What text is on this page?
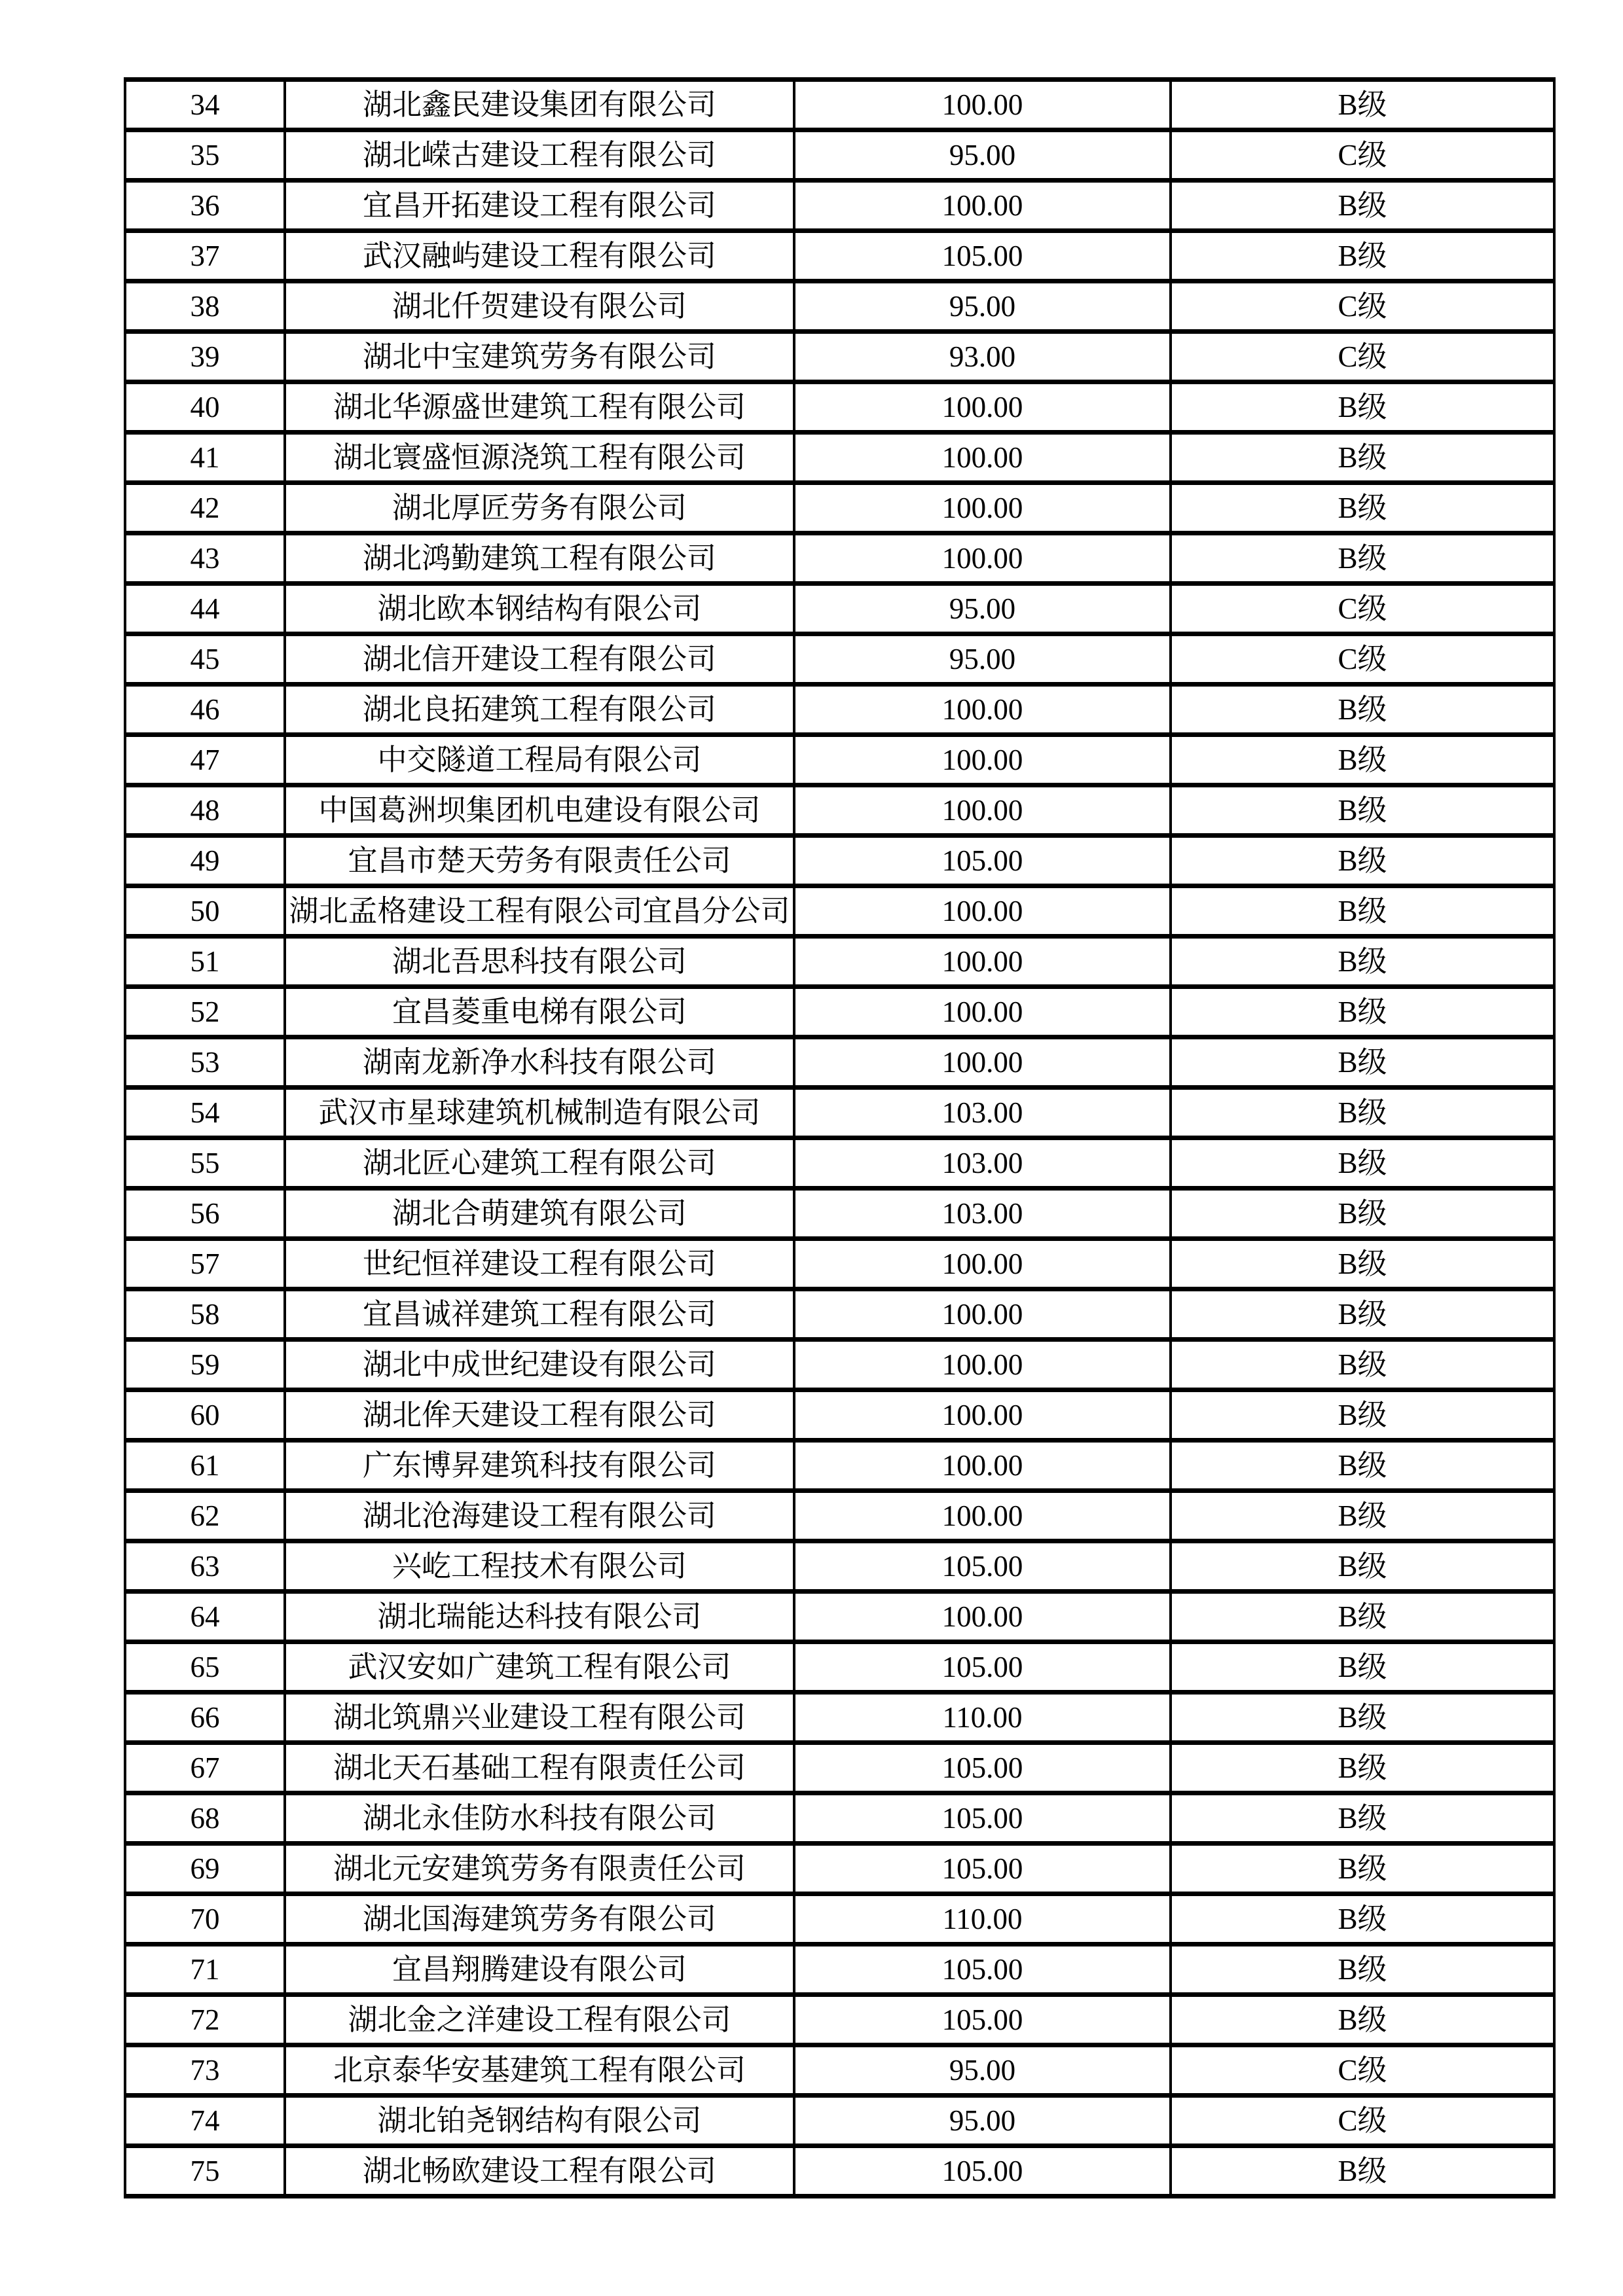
34	湖北鑫民建设集团有限公司	100.00	B级
35	湖北嵘古建设工程有限公司	95.00	C级
36	宜昌开拓建设工程有限公司	100.00	B级
37	武汉融屿建设工程有限公司	105.00	B级
38	湖北仟贺建设有限公司	95.00	C级
39	湖北中宝建筑劳务有限公司	93.00	C级
40	湖北华源盛世建筑工程有限公司	100.00	B级
41	湖北寰盛恒源浇筑工程有限公司	100.00	B级
42	湖北厚匠劳务有限公司	100.00	B级
43	湖北鸿勤建筑工程有限公司	100.00	B级
44	湖北欧本钢结构有限公司	95.00	C级
45	湖北信开建设工程有限公司	95.00	C级
46	湖北良拓建筑工程有限公司	100.00	B级
47	中交隧道工程局有限公司	100.00	B级
48	中国葛洲坝集团机电建设有限公司	100.00	B级
49	宜昌市楚天劳务有限责任公司	105.00	B级
50	湖北孟格建设工程有限公司宜昌分公司	100.00	B级
51	湖北吾思科技有限公司	100.00	B级
52	宜昌菱重电梯有限公司	100.00	B级
53	湖南龙新净水科技有限公司	100.00	B级
54	武汉市星球建筑机械制造有限公司	103.00	B级
55	湖北匠心建筑工程有限公司	103.00	B级
56	湖北合萌建筑有限公司	103.00	B级
57	世纪恒祥建设工程有限公司	100.00	B级
58	宜昌诚祥建筑工程有限公司	100.00	B级
59	湖北中成世纪建设有限公司	100.00	B级
60	湖北侔天建设工程有限公司	100.00	B级
61	广东博昇建筑科技有限公司	100.00	B级
62	湖北沧海建设工程有限公司	100.00	B级
63	兴屹工程技术有限公司	105.00	B级
64	湖北瑞能达科技有限公司	100.00	B级
65	武汉安如广建筑工程有限公司	105.00	B级
66	湖北筑鼎兴业建设工程有限公司	110.00	B级
67	湖北天石基础工程有限责任公司	105.00	B级
68	湖北永佳防水科技有限公司	105.00	B级
69	湖北元安建筑劳务有限责任公司	105.00	B级
70	湖北国海建筑劳务有限公司	110.00	B级
71	宜昌翔腾建设有限公司	105.00	B级
72	湖北金之洋建设工程有限公司	105.00	B级
73	北京泰华安基建筑工程有限公司	95.00	C级
74	湖北铂尧钢结构有限公司	95.00	C级
75	湖北畅欧建设工程有限公司	105.00	B级
